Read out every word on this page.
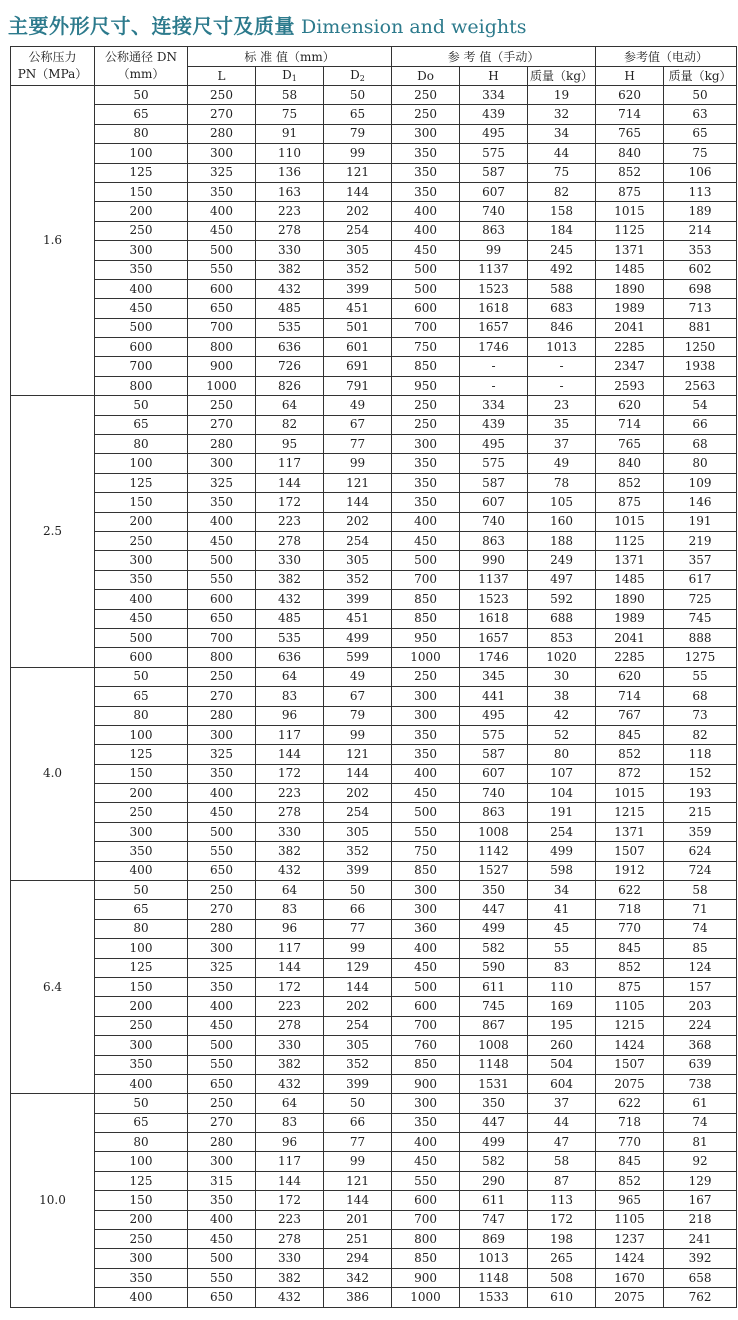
主要外形尺寸、连接尺寸及质量 Dimension and weights
公称压力 PN（MPa）	公称通径 DN（mm）	标 准 值（mm）			参 考 值（手动）			参考值（电动）	
		L	$D_1$	$D_2$	Do	H	质量（kg）	H	质量（kg）
1.6	50	250	58	50	250	334	19	620	50
	65	270	75	65	250	439	32	714	63
	80	280	91	79	300	495	34	765	65
	100	300	110	99	350	575	44	840	75
	125	325	136	121	350	587	75	852	106
	150	350	163	144	350	607	82	875	113
	200	400	223	202	400	740	158	1015	189
	250	450	278	254	400	863	184	1125	214
	300	500	330	305	450	99	245	1371	353
	350	550	382	352	500	1137	492	1485	602
	400	600	432	399	500	1523	588	1890	698
	450	650	485	451	600	1618	683	1989	713
	500	700	535	501	700	1657	846	2041	881
	600	800	636	601	750	1746	1013	2285	1250
	700	900	726	691	850	-	-	2347	1938
	800	1000	826	791	950	-	-	2593	2563
2.5	50	250	64	49	250	334	23	620	54
	65	270	82	67	250	439	35	714	66
	80	280	95	77	300	495	37	765	68
	100	300	117	99	350	575	49	840	80
	125	325	144	121	350	587	78	852	109
	150	350	172	144	350	607	105	875	146
	200	400	223	202	400	740	160	1015	191
	250	450	278	254	450	863	188	1125	219
	300	500	330	305	500	990	249	1371	357
	350	550	382	352	700	1137	497	1485	617
	400	600	432	399	850	1523	592	1890	725
	450	650	485	451	850	1618	688	1989	745
	500	700	535	499	950	1657	853	2041	888
	600	800	636	599	1000	1746	1020	2285	1275
4.0	50	250	64	49	250	345	30	620	55
	65	270	83	67	300	441	38	714	68
	80	280	96	79	300	495	42	767	73
	100	300	117	99	350	575	52	845	82
	125	325	144	121	350	587	80	852	118
	150	350	172	144	400	607	107	872	152
	200	400	223	202	450	740	104	1015	193
	250	450	278	254	500	863	191	1215	215
	300	500	330	305	550	1008	254	1371	359
	350	550	382	352	750	1142	499	1507	624
	400	650	432	399	850	1527	598	1912	724
6.4	50	250	64	50	300	350	34	622	58
	65	270	83	66	300	447	41	718	71
	80	280	96	77	360	499	45	770	74
	100	300	117	99	400	582	55	845	85
	125	325	144	129	450	590	83	852	124
	150	350	172	144	500	611	110	875	157
	200	400	223	202	600	745	169	1105	203
	250	450	278	254	700	867	195	1215	224
	300	500	330	305	760	1008	260	1424	368
	350	550	382	352	850	1148	504	1507	639
	400	650	432	399	900	1531	604	2075	738
10.0	50	250	64	50	300	350	37	622	61
	65	270	83	66	350	447	44	718	74
	80	280	96	77	400	499	47	770	81
	100	300	117	99	450	582	58	845	92
	125	315	144	121	550	290	87	852	129
	150	350	172	144	600	611	113	965	167
	200	400	223	201	700	747	172	1105	218
	250	450	278	251	800	869	198	1237	241
	300	500	330	294	850	1013	265	1424	392
	350	550	382	342	900	1148	508	1670	658
	400	650	432	386	1000	1533	610	2075	762
